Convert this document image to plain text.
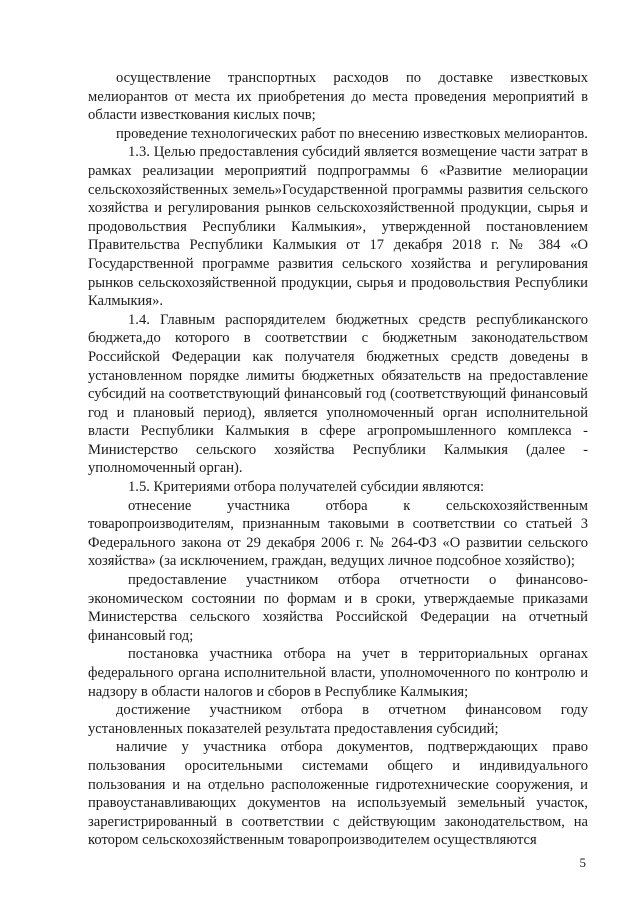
осуществление транспортных расходов по доставке известковых мелиорантов от места их приобретения до места проведения мероприятий в области известкования кислых почв;

проведение технологических работ по внесению известковых мелиорантов.

1.3. Целью предоставления субсидий является возмещение части затрат в рамках реализации мероприятий подпрограммы 6 «Развитие мелиорации сельскохозяйственных земель»Государственной программы развития сельского хозяйства и регулирования рынков сельскохозяйственной продукции, сырья и продовольствия Республики Калмыкия», утвержденной постановлением Правительства Республики Калмыкия от 17 декабря 2018 г. № 384 «О Государственной программе развития сельского хозяйства и регулирования рынков сельскохозяйственной продукции, сырья и продовольствия Республики Калмыкия».

1.4. Главным распорядителем бюджетных средств республиканского бюджета,до которого в соответствии с бюджетным законодательством Российской Федерации как получателя бюджетных средств доведены в установленном порядке лимиты бюджетных обязательств на предоставление субсидий на соответствующий финансовый год (соответствующий финансовый год и плановый период), является уполномоченный орган исполнительной власти Республики Калмыкия в сфере агропромышленного комплекса - Министерство сельского хозяйства Республики Калмыкия (далее - уполномоченный орган).

1.5. Критериями отбора получателей субсидии являются:

отнесение участника отбора к сельскохозяйственным товаропроизводителям, признанным таковыми в соответствии со статьей 3 Федерального закона от 29 декабря 2006 г. № 264-ФЗ «О развитии сельского хозяйства» (за исключением, граждан, ведущих личное подсобное хозяйство);

предоставление участником отбора отчетности о финансово-экономическом состоянии по формам и в сроки, утверждаемые приказами Министерства сельского хозяйства Российской Федерации на отчетный финансовый год;

постановка участника отбора на учет в территориальных органах федерального органа исполнительной власти, уполномоченного по контролю и надзору в области налогов и сборов в Республике Калмыкия;

достижение участником отбора в отчетном финансовом году установленных показателей результата предоставления субсидий;

наличие у участника отбора документов, подтверждающих право пользования оросительными системами общего и индивидуального пользования и на отдельно расположенные гидротехнические сооружения, и правоустанавливающих документов на используемый земельный участок, зарегистрированный в соответствии с действующим законодательством, на котором сельскохозяйственным товаропроизводителем осуществляются

5
